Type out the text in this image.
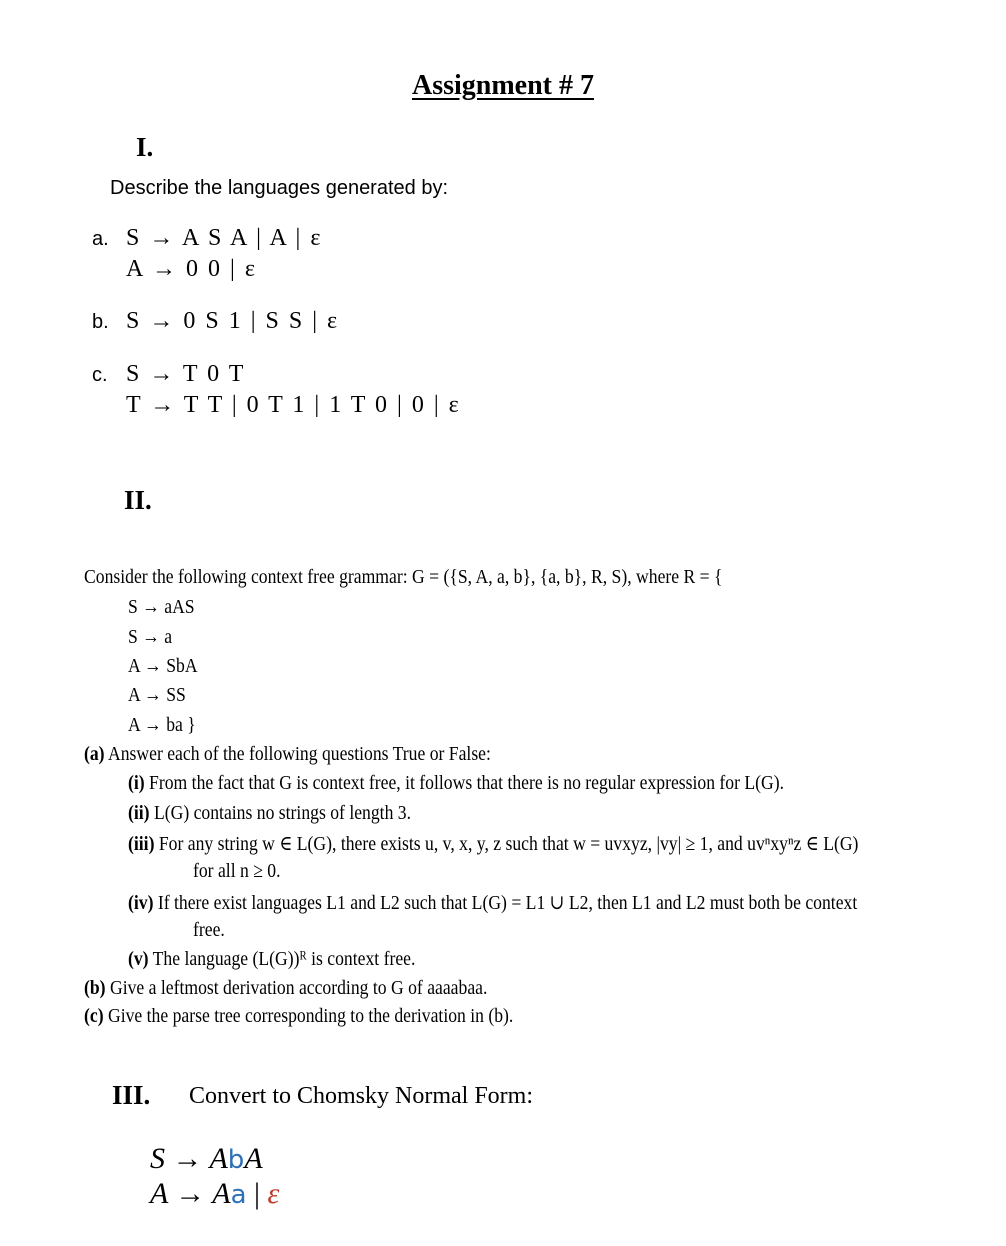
Assignment # 7
I.
Describe the languages generated by:
a. S → A S A | A | ε
A → 0 0 | ε
b. S → 0 S 1 | S S | ε
c. S → T 0 T
T → T T | 0 T 1 | 1 T 0 | 0 | ε
II.
Consider the following context free grammar: G = ({S, A, a, b}, {a, b}, R, S), where R = {
S → aAS
S → a
A → SbA
A → SS
A → ba }
(a) Answer each of the following questions True or False:
(i) From the fact that G is context free, it follows that there is no regular expression for L(G).
(ii) L(G) contains no strings of length 3.
(iii) For any string w ∈ L(G), there exists u, v, x, y, z such that w = uvxyz, |vy| ≥ 1, and uvⁿxyⁿz ∈ L(G)
for all n ≥ 0.
(iv) If there exist languages L1 and L2 such that L(G) = L1 ∪ L2, then L1 and L2 must both be context
free.
(v) The language (L(G))ᴿ is context free.
(b) Give a leftmost derivation according to G of aaaabaa.
(c) Give the parse tree corresponding to the derivation in (b).
III. Convert to Chomsky Normal Form:
S → AbA
A → Aa | ε
